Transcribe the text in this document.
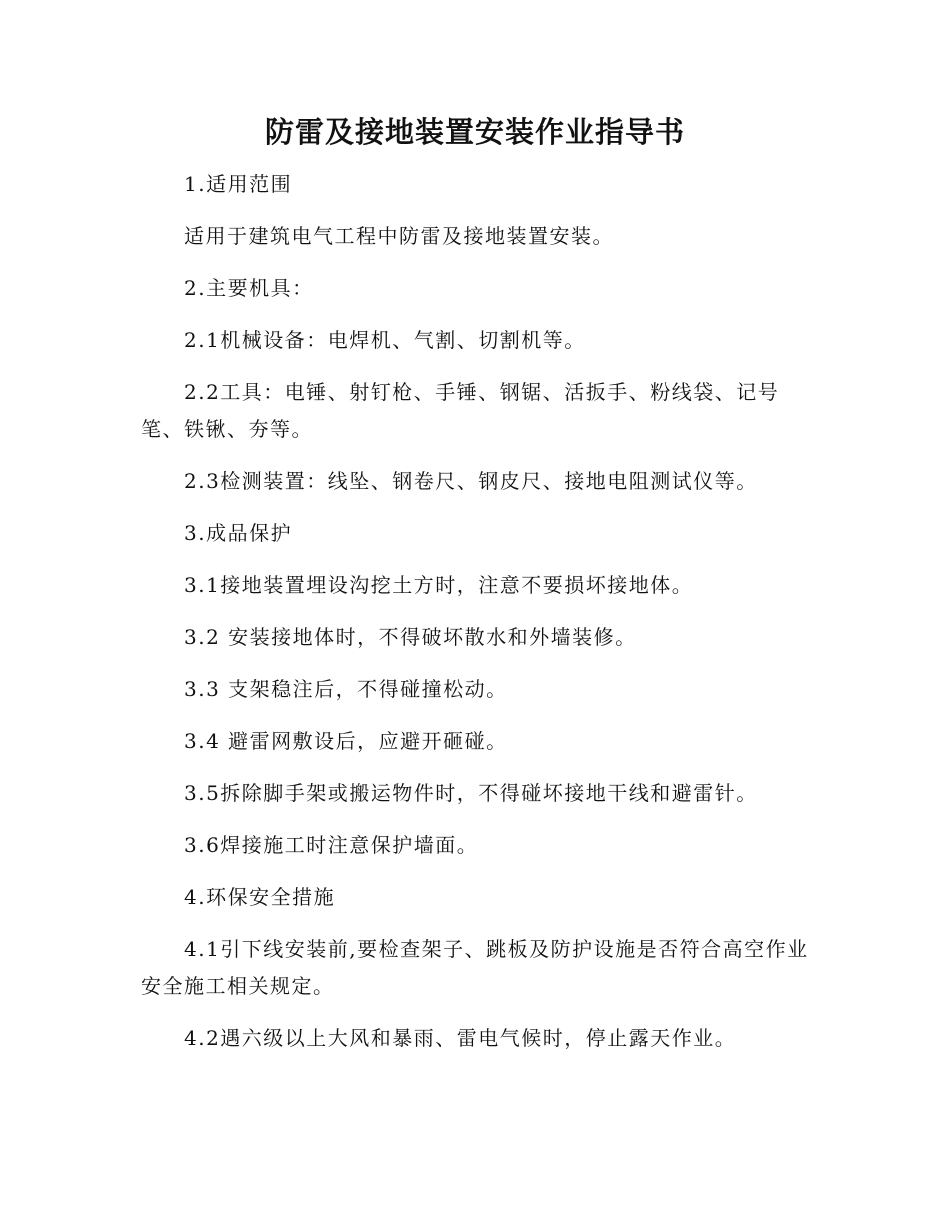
防雷及接地装置安装作业指导书

1.适用范围

适用于建筑电气工程中防雷及接地装置安装。

2.主要机具：

2.1机械设备：电焊机、气割、切割机等。

2.2工具：电锤、射钉枪、手锤、钢锯、活扳手、粉线袋、记号笔、铁锹、夯等。

2.3检测装置：线坠、钢卷尺、钢皮尺、接地电阻测试仪等。

3.成品保护

3.1接地装置埋设沟挖土方时，注意不要损坏接地体。

3.2 安装接地体时，不得破坏散水和外墙装修。

3.3 支架稳注后，不得碰撞松动。

3.4 避雷网敷设后，应避开砸碰。

3.5拆除脚手架或搬运物件时，不得碰坏接地干线和避雷针。

3.6焊接施工时注意保护墙面。

4.环保安全措施

4.1引下线安装前,要检查架子、跳板及防护设施是否符合高空作业安全施工相关规定。

4.2遇六级以上大风和暴雨、雷电气候时，停止露天作业。
